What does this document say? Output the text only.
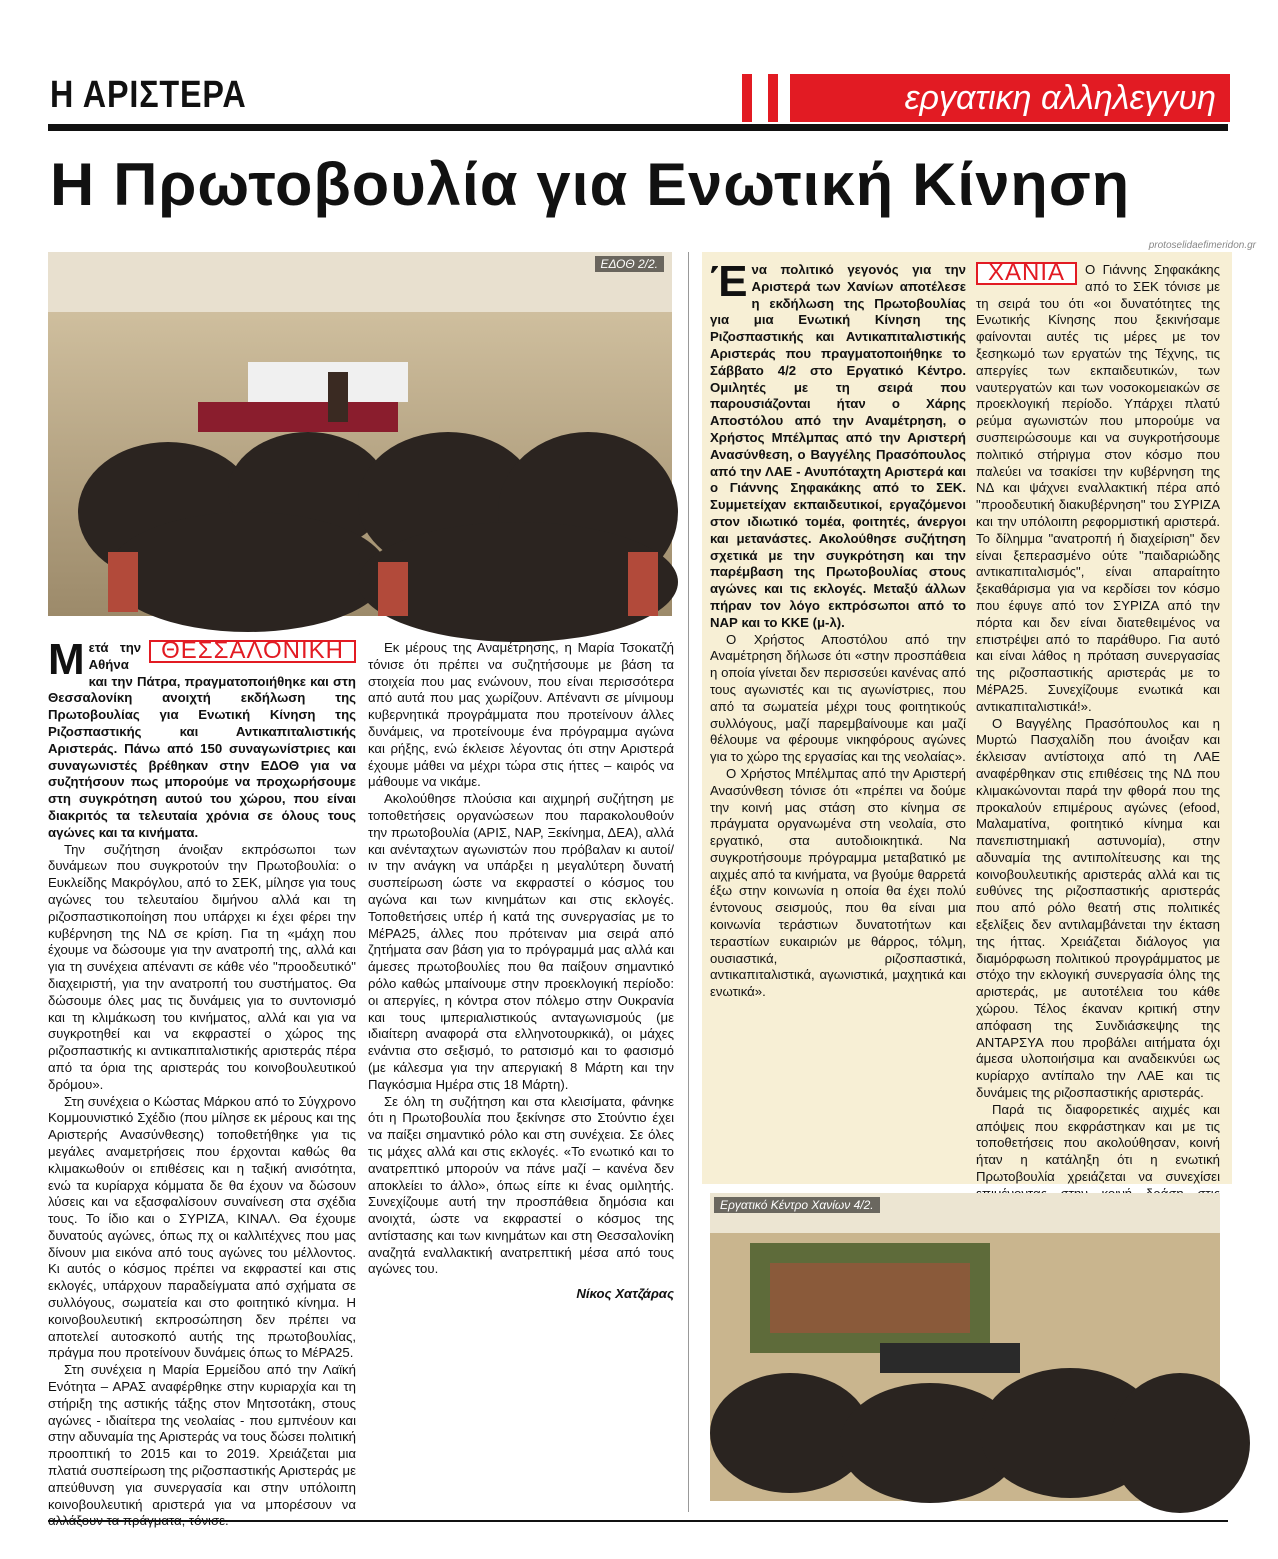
Η ΑΡΙΣΤΕΡΑ	εργατικη αλληλεγγυη
Η Πρωτοβουλία για Ενωτική Κίνηση
protoselidaefimeridon.gr
ΕΔΟΘ 2/2.
ΘΕΣΣΑΛΟΝΙΚΗ

Μετά την Αθήνα και την Πάτρα, πραγματοποιήθηκε και στη Θεσσαλονίκη ανοιχτή εκδήλωση της Πρωτοβουλίας για Ενωτική Κίνηση της Ριζοσπαστικής και Αντικαπιταλιστικής Αριστεράς. Πάνω από 150 συναγωνίστριες και συναγωνιστές βρέθηκαν στην ΕΔΟΘ για να συζητήσουν πως μπορούμε να προχωρήσουμε στη συγκρότηση αυτού του χώρου, που είναι διακριτός τα τελευταία χρόνια σε όλους τους αγώνες και τα κινήματα.

Την συζήτηση άνοιξαν εκπρόσωποι των δυνάμεων που συγκροτούν την Πρωτοβουλία: ο Ευκλείδης Μακρόγλου, από το ΣΕΚ, μίλησε για τους αγώνες του τελευταίου διμήνου αλλά και τη ριζοσπαστικοποίηση που υπάρχει κι έχει φέρει την κυβέρνηση της ΝΔ σε κρίση. Για τη «μάχη που έχουμε να δώσουμε για την ανατροπή της, αλλά και για τη συνέχεια απέναντι σε κάθε νέο "προοδευτικό" διαχειριστή, για την ανατροπή του συστήματος. Θα δώσουμε όλες μας τις δυνάμεις για το συντονισμό και τη κλιμάκωση του κινήματος, αλλά και για να συγκροτηθεί και να εκφραστεί ο χώρος της ριζοσπαστικής κι αντικαπιταλιστικής αριστεράς πέρα από τα όρια της αριστεράς του κοινοβουλευτικού δρόμου».

Στη συνέχεια ο Κώστας Μάρκου από το Σύγχρονο Κομμουνιστικό Σχέδιο (που μίλησε εκ μέρους και της Αριστερής Ανασύνθεσης) τοποθετήθηκε για τις μεγάλες αναμετρήσεις που έρχονται καθώς θα κλιμακωθούν οι επιθέσεις και η ταξική ανισότητα, ενώ τα κυρίαρχα κόμματα δε θα έχουν να δώσουν λύσεις και να εξασφαλίσουν συναίνεση στα σχέδια τους. Το ίδιο και ο ΣΥΡΙΖΑ, ΚΙΝΑΛ. Θα έχουμε δυνατούς αγώνες, όπως πχ οι καλλιτέχνες που μας δίνουν μια εικόνα από τους αγώνες του μέλλοντος. Κι αυτός ο κόσμος πρέπει να εκφραστεί και στις εκλογές, υπάρχουν παραδείγματα από σχήματα σε συλλόγους, σωματεία και στο φοιτητικό κίνημα. Η κοινοβουλευτική εκπροσώπηση δεν πρέπει να αποτελεί αυτοσκοπό αυτής της πρωτοβουλίας, πράγμα που προτείνουν δυνάμεις όπως το ΜέΡΑ25.

Στη συνέχεια η Μαρία Ερμείδου από την Λαϊκή Ενότητα – ΑΡΑΣ αναφέρθηκε στην κυριαρχία και τη στήριξη της αστικής τάξης στον Μητσοτάκη, στους αγώνες - ιδιαίτερα της νεολαίας - που εμπνέουν και στην αδυναμία της Αριστεράς να τους δώσει πολιτική προοπτική το 2015 και το 2019. Χρειάζεται μια πλατιά συσπείρωση της ριζοσπαστικής Αριστεράς με απεύθυνση για συνεργασία και στην υπόλοιπη κοινοβουλευτική αριστερά για να μπορέσουν να

Εκ μέρους της Αναμέτρησης, η Μαρία Τσοκατζή τόνισε ότι πρέπει να συζητήσουμε με βάση τα στοιχεία που μας ενώνουν, που είναι περισσότερα από αυτά που μας χωρίζουν. Απέναντι σε μίνιμουμ κυβερνητικά προγράμματα που προτείνουν άλλες δυνάμεις, να προτείνουμε ένα πρόγραμμα αγώνα και ρήξης, ενώ έκλεισε λέγοντας ότι στην Αριστερά έχουμε μάθει να μέχρι τώρα στις ήττες – καιρός να μάθουμε να νικάμε.

Ακολούθησε πλούσια και αιχμηρή συζήτηση με τοποθετήσεις οργανώσεων που παρακολουθούν την πρωτοβουλία (ΑΡΙΣ, ΝΑΡ, Ξεκίνημα, ΔΕΑ), αλλά και ανένταχτων αγωνιστών που πρόβαλαν κι αυτοί/ιν την ανάγκη να υπάρξει η μεγαλύτερη δυνατή συσπείρωση ώστε να εκφραστεί ο κόσμος του αγώνα και των κινημάτων και στις εκλογές. Τοποθετήσεις υπέρ ή κατά της συνεργασίας με το ΜέΡΑ25, άλλες που πρότειναν μια σειρά από ζητήματα σαν βάση για το πρόγραμμά μας αλλά και άμεσες πρωτοβουλίες που θα παίξουν σημαντικό ρόλο καθώς μπαίνουμε στην προεκλογική περίοδο: οι απεργίες, η κόντρα στον πόλεμο στην Ουκρανία και τους ιμπεριαλιστικούς ανταγωνισμούς (με ιδιαίτερη αναφορά στα ελληνοτουρκικά), οι μάχες ενάντια στο σεξισμό, το ρατσισμό και το φασισμό (με κάλεσμα για την απεργιακή 8 Μάρτη και την Παγκόσμια Ημέρα στις 18 Μάρτη).

Σε όλη τη συζήτηση και στα κλεισίματα, φάνηκε ότι η Πρωτοβουλία που ξεκίνησε στο Στούντιο έχει να παίξει σημαντικό ρόλο και στη συνέχεια. Σε όλες τις μάχες αλλά και στις εκλογές. «Το ενωτικό και το ανατρεπτικό μπορούν να πάνε μαζί – κανένα δεν αποκλείει το άλλο», όπως είπε κι ένας ομιλητής. Συνεχίζουμε αυτή την προσπάθεια δημόσια και ανοιχτά, ώστε να εκφραστεί ο κόσμος της αντίστασης και των κινημάτων και στη Θεσσαλονίκη αναζητά εναλλακτική ανατρεπτική μέσα από τους αγώνες του.

Νίκος Χατζάρας

Ένα πολιτικό γεγονός για την Αριστερά των Χανίων αποτέλεσε η εκδήλωση της Πρωτοβουλίας για μια Ενωτική Κίνηση της Ριζοσπαστικής και Αντικαπιταλιστικής Αριστεράς που πραγματοποιήθηκε το Σάββατο 4/2 στο Εργατικό Κέντρο. Ομιλητές με τη σειρά που παρουσιάζονται ήταν ο Χάρης Αποστόλου από την Αναμέτρηση, ο Χρήστος Μπέλμπας από την Αριστερή Ανασύνθεση, ο Βαγγέλης Πρασόπουλος από την ΛΑΕ - Ανυπόταχτη Αριστερά και ο Γιάννης Σηφακάκης από το ΣΕΚ. Συμμετείχαν εκπαιδευτικοί, εργαζόμενοι στον ιδιωτικό τομέα, φοιτητές, άνεργοι και μετανάστες. Ακολούθησε συζήτηση σχετικά με την συγκρότηση και την παρέμβαση της Πρωτοβουλίας στους αγώνες και τις εκλογές. Μεταξύ άλλων πήραν τον λόγο εκπρόσωποι από το ΝΑΡ και το ΚΚΕ (μ-λ).

Ο Χρήστος Αποστόλου από την Αναμέτρηση δήλωσε ότι «στην προσπάθεια η οποία γίνεται δεν περισσεύει κανένας από τους αγωνιστές και τις αγωνίστριες, που από τα σωματεία μέχρι τους φοιτητικούς συλλόγους, μαζί παρεμβαίνουμε και μαζί θέλουμε να φέρουμε νικηφόρους αγώνες για το χώρο της εργασίας και της νεολαίας».

Ο Χρήστος Μπέλμπας από την Αριστερή Ανασύνθεση τόνισε ότι «πρέπει να δούμε την κοινή μας στάση στο κίνημα σε πράγματα οργανωμένα στη νεολαία, στο εργατικό, στα αυτοδιοικητικά. Να συγκροτήσουμε πρόγραμμα μεταβατικό με αιχμές από τα κινήματα, να βγούμε θαρρετά έξω στην κοινωνία η οποία θα έχει πολύ έντονους σεισμούς, που θα είναι μια κοινωνία τεράστιων δυνατοτήτων και τεραστίων ευκαιριών με θάρρος, τόλμη, ουσιαστικά, ριζοσπαστικά, αντικαπιταλιστικά, αγωνιστικά, μαχητικά και ενωτικά».

ΧΑΝΙΑ	Ο Γιάννης Σηφακάκης από το ΣΕΚ τόνισε με τη σειρά του ότι «οι δυνατότητες της Ενωτικής Κίνησης που ξεκινήσαμε φαίνονται αυτές τις μέρες με τον ξεσηκωμό των εργατών της Τέχνης, τις απεργίες των εκπαιδευτικών, των ναυτεργατών και των νοσοκομειακών σε προεκλογική περίοδο. Υπάρχει πλατύ ρεύμα αγωνιστών που μπορούμε να συσπειρώσουμε και να συγκροτήσουμε πολιτικό στήριγμα στον κόσμο που παλεύει να τσακίσει την κυβέρνηση της ΝΔ και ψάχνει εναλλακτική πέρα από "προοδευτική διακυβέρνηση" του ΣΥΡΙΖΑ και την υπόλοιπη ρεφορμιστική αριστερά. Το δίλημμα "ανατροπή ή διαχείριση" δεν είναι ξεπερασμένο ούτε "παιδαριώδης αντικαπιταλισμός", είναι απαραίτητο ξεκαθάρισμα για να κερδίσει τον κόσμο που έφυγε από τον ΣΥΡΙΖΑ από την πόρτα και δεν είναι διατεθειμένος να επιστρέψει από το παράθυρο. Για αυτό και είναι λάθος η πρόταση συνεργασίας της ριζοσπαστικής αριστεράς με το ΜέΡΑ25. Συνεχίζουμε ενωτικά και αντικαπιταλιστικά!».

Ο Βαγγέλης Πρασόπουλος και η Μυρτώ Πασχαλίδη που άνοιξαν και έκλεισαν αντίστοιχα από τη ΛΑΕ αναφέρθηκαν στις επιθέσεις της ΝΔ που κλιμακώνονται παρά την φθορά που της προκαλούν επιμέρους αγώνες (efood, Μαλαματίνα, φοιτητικό κίνημα και πανεπιστημιακή αστυνομία), στην αδυναμία της αντιπολίτευσης και της κοινοβουλευτικής αριστεράς αλλά και τις ευθύνες της ριζοσπαστικής αριστεράς που από ρόλο θεατή στις πολιτικές εξελίξεις δεν αντιλαμβάνεται την έκταση της ήττας. Χρειάζεται διάλογος για διαμόρφωση πολιτικού προγράμματος με στόχο την εκλογική συνεργασία όλης της αριστεράς, με αυτοτέλεια του κάθε χώρου. Τέλος έκαναν κριτική στην απόφαση της Συνδιάσκεψης της ΑΝΤΑΡΣΥΑ που προβάλει αιτήματα όχι άμεσα υλοποιήσιμα και αναδεικνύει ως κυρίαρχο αντίπαλο την ΛΑΕ και τις δυνάμεις της ριζοσπαστικής αριστεράς.

Παρά τις διαφορετικές αιχμές και απόψεις που εκφράστηκαν και με τις τοποθετήσεις που ακολούθησαν, κοινή ήταν η κατάληξη ότι η ενωτική Πρωτοβουλία χρειάζεται να συνεχίσει

Εργατικό Κέντρο Χανίων 4/2.
